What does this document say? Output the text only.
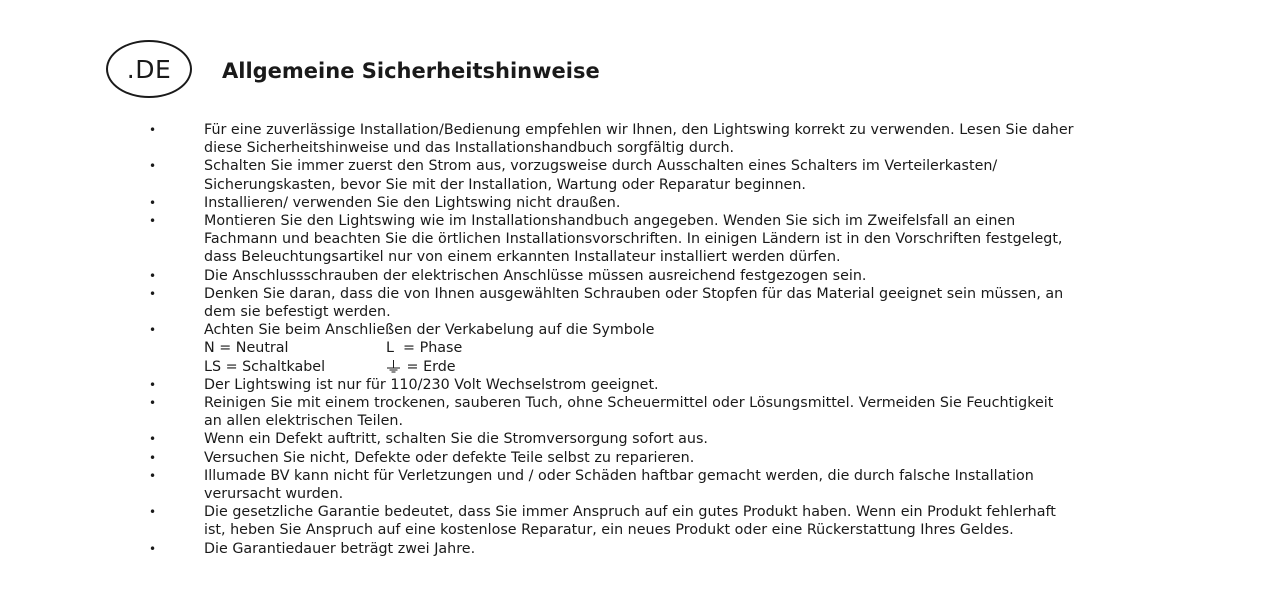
.DE Allgemeine Sicherheitshinweise
•	Für eine zuverlässige Installation/Bedienung empfehlen wir Ihnen, den Lightswing korrekt zu verwenden. Lesen Sie daher
diese Sicherheitshinweise und das Installationshandbuch sorgfältig durch.
•	Schalten Sie immer zuerst den Strom aus, vorzugsweise durch Ausschalten eines Schalters im Verteilerkasten/
Sicherungskasten, bevor Sie mit der Installation, Wartung oder Reparatur beginnen.
•	Installieren/ verwenden Sie den Lightswing nicht draußen.
•	Montieren Sie den Lightswing wie im Installationshandbuch angegeben. Wenden Sie sich im Zweifelsfall an einen
Fachmann und beachten Sie die örtlichen Installationsvorschriften. In einigen Ländern ist in den Vorschriften festgelegt,
dass Beleuchtungsartikel nur von einem erkannten Installateur installiert werden dürfen.
•	Die Anschlussschrauben der elektrischen Anschlüsse müssen ausreichend festgezogen sein.
•	Denken Sie daran, dass die von Ihnen ausgewählten Schrauben oder Stopfen für das Material geeignet sein müssen, an
dem sie befestigt werden.
•	Achten Sie beim Anschließen der Verkabelung auf die Symbole
N = Neutral	L  = Phase
LS = Schaltkabel	= Erde
•	Der Lightswing ist nur für 110/230 Volt Wechselstrom geeignet.
•	Reinigen Sie mit einem trockenen, sauberen Tuch, ohne Scheuermittel oder Lösungsmittel. Vermeiden Sie Feuchtigkeit
an allen elektrischen Teilen.
•	Wenn ein Defekt auftritt, schalten Sie die Stromversorgung sofort aus.
•	Versuchen Sie nicht, Defekte oder defekte Teile selbst zu reparieren.
•	Illumade BV kann nicht für Verletzungen und / oder Schäden haftbar gemacht werden, die durch falsche Installation
verursacht wurden.
•	Die gesetzliche Garantie bedeutet, dass Sie immer Anspruch auf ein gutes Produkt haben. Wenn ein Produkt fehlerhaft
ist, heben Sie Anspruch auf eine kostenlose Reparatur, ein neues Produkt oder eine Rückerstattung Ihres Geldes.
•	Die Garantiedauer beträgt zwei Jahre.
